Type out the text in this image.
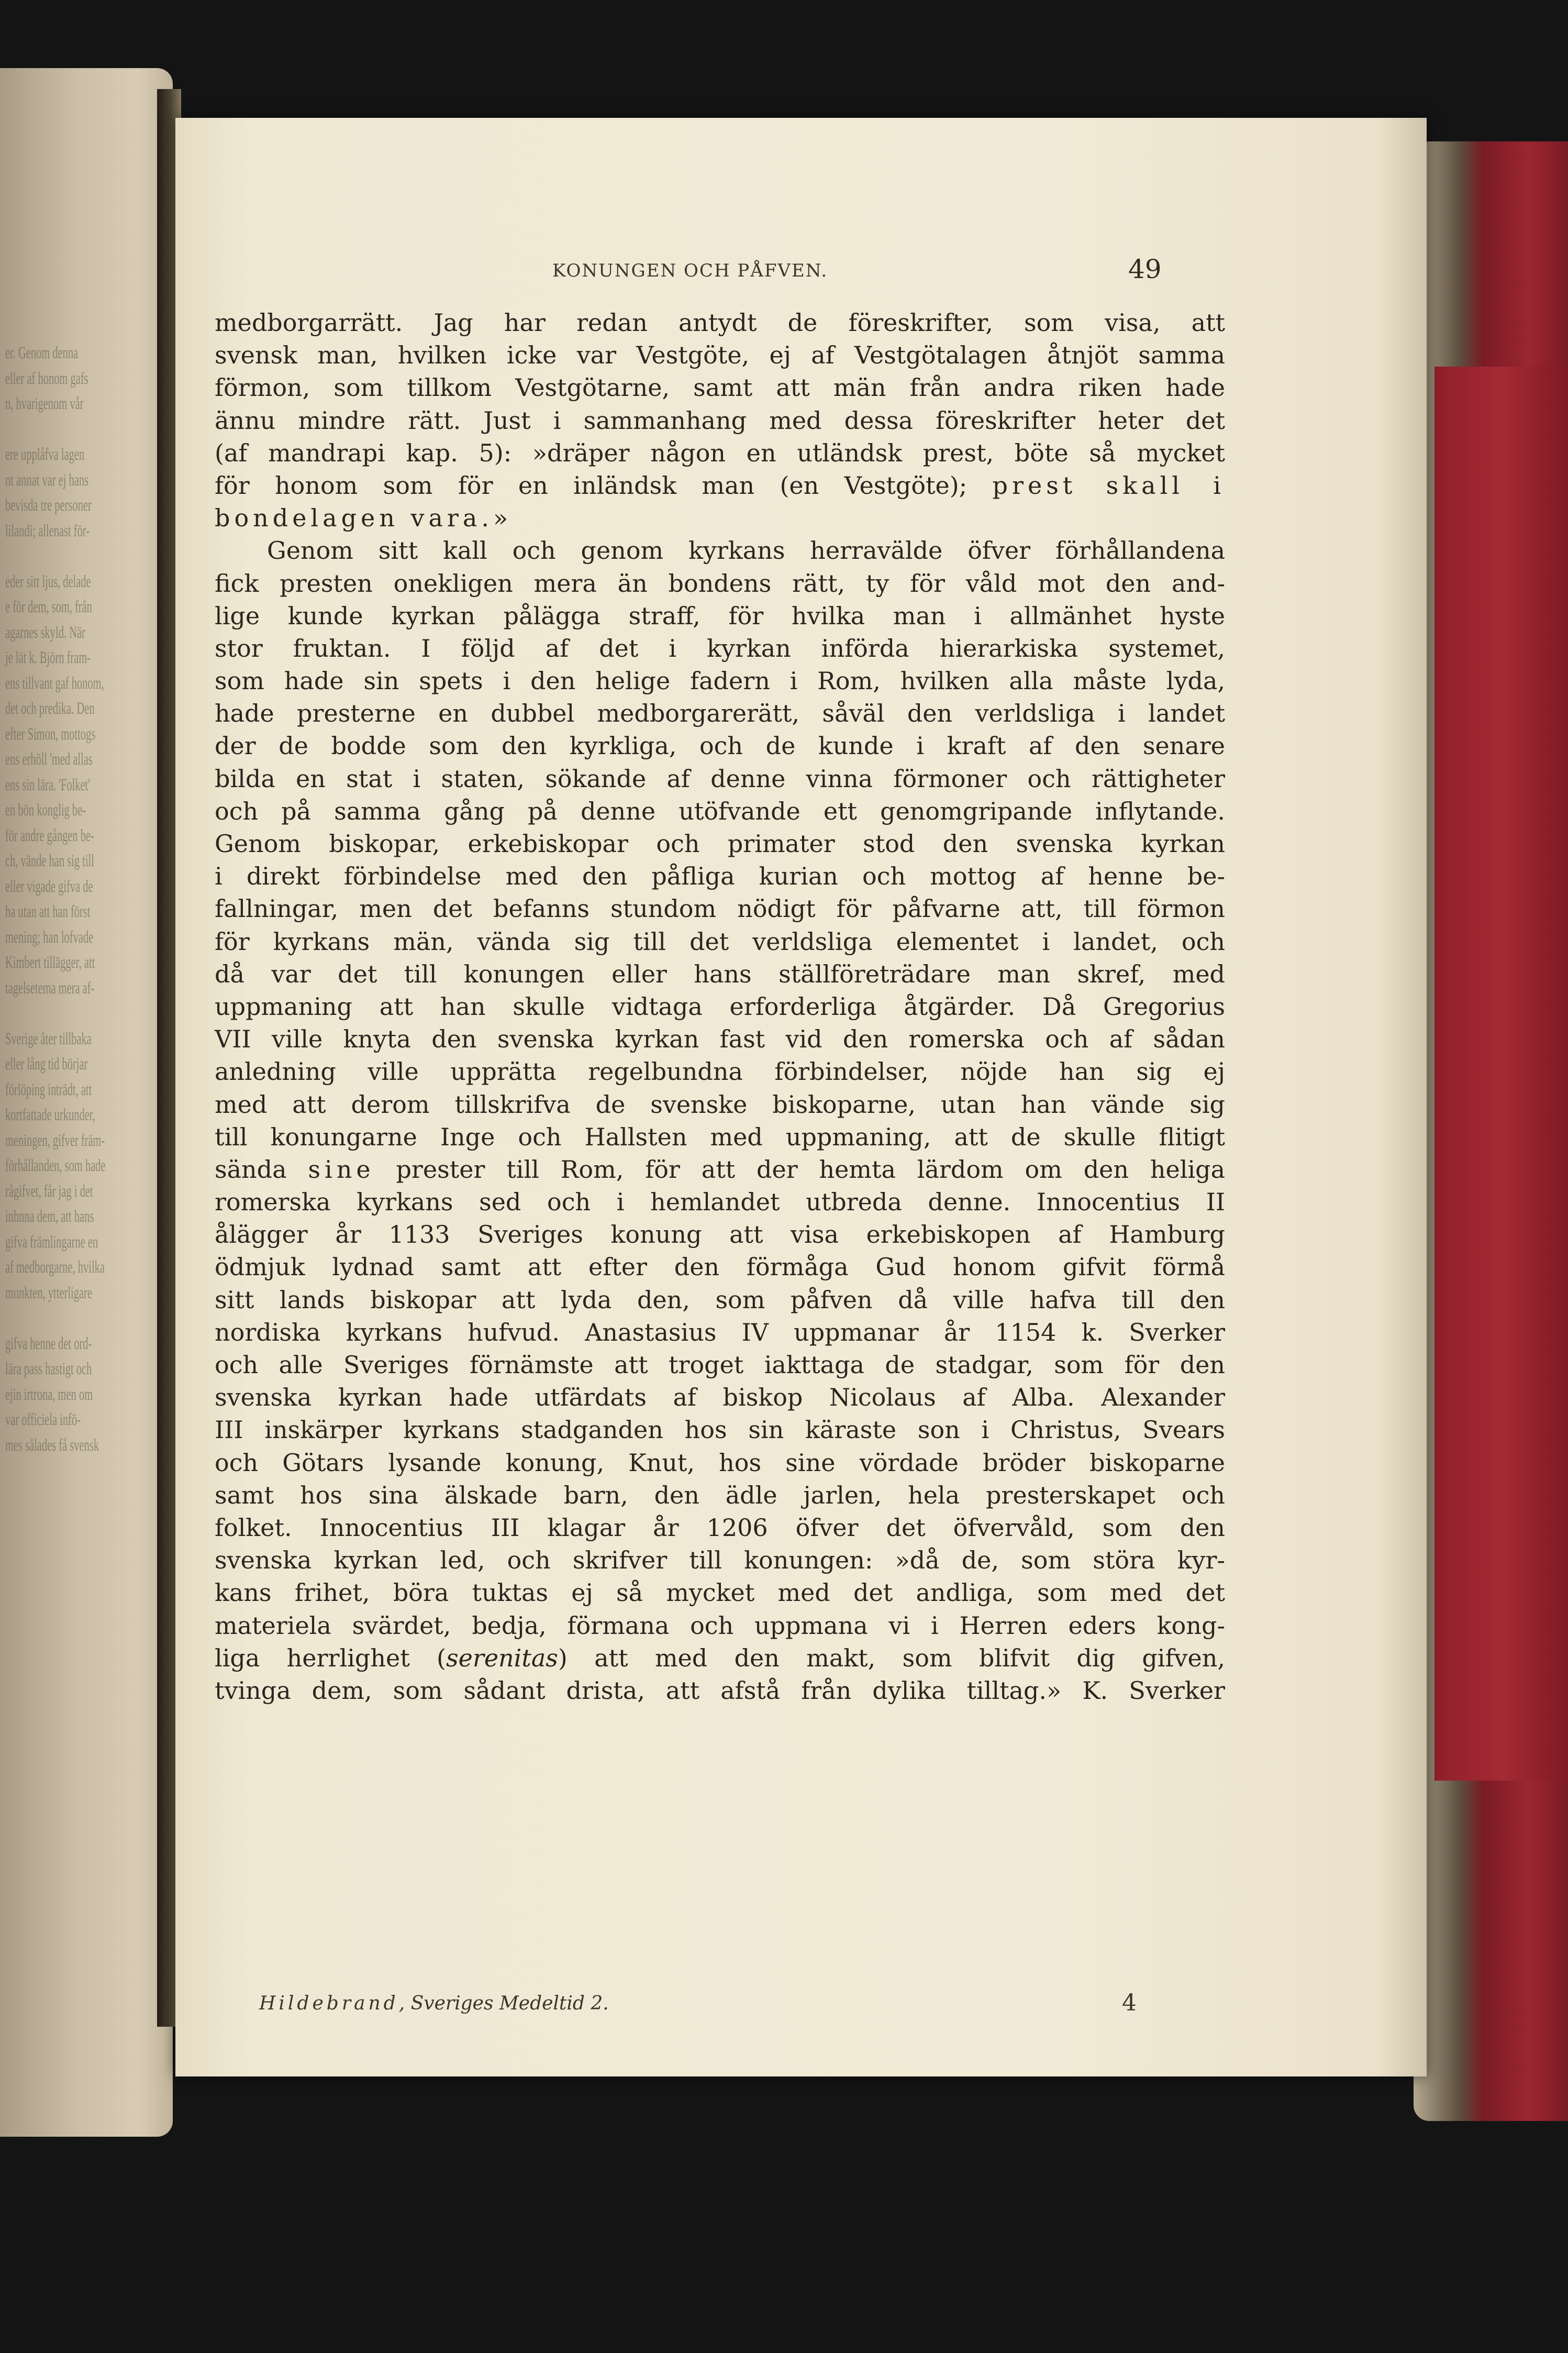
er. Genom denna
eller af honom gafs
n, hvarigenom vår

ere upplåfva lagen
nt annat var ej hans
bevisda tre personer
lilandi; allenast för-

eder sitt ljus, delade
e för dem, som, från
agarnes skyld. När
je lät k. Björn fram-
ens tillvant gaf honom,
det och predika. Den
efter Simon, mottogs
ens erhöll 'med allas
ens sin lära. 'Folket'
en bön konglig be-
för andre gången be-
ch, vände han sig till
eller vigade gifva de
ha utan att han först
mening; han lofvade
Kimbert tillägger, att
tagelsetema mera af-

Sverige åter tillbaka
eller lång tid börjar
förlöping inträdt, att
kortfattade urkunder,
meningen, gifver främ-
förhållanden, som hade
rågifvet, får jag i det
inhnna dem, att hans
gifva främlingarne en
af medborgarne, hvilka
munkten, ytterligare

gifva henne det ord-
lära pass hastigt och
ejin irtrona, men om
var officiela infö-
mes sålades få svensk
KONUNGEN OCH PÅFVEN.	49
medborgarrätt. Jag har redan antydt de föreskrifter, som visa, att
svensk man, hvilken icke var Vestgöte, ej af Vestgötalagen åtnjöt samma
förmon, som tillkom Vestgötarne, samt att män från andra riken hade
ännu mindre rätt. Just i sammanhang med dessa föreskrifter heter det
(af mandrapi kap. 5): »dräper någon en utländsk prest, böte så mycket
för honom som för en inländsk man (en Vestgöte); prest skall i
bondelagen vara.»
Genom sitt kall och genom kyrkans herravälde öfver förhållandena
fick presten onekligen mera än bondens rätt, ty för våld mot den and-
lige kunde kyrkan pålägga straff, för hvilka man i allmänhet hyste
stor fruktan. I följd af det i kyrkan införda hierarkiska systemet,
som hade sin spets i den helige fadern i Rom, hvilken alla måste lyda,
hade presterne en dubbel medborgarerätt, såväl den verldsliga i landet
der de bodde som den kyrkliga, och de kunde i kraft af den senare
bilda en stat i staten, sökande af denne vinna förmoner och rättigheter
och på samma gång på denne utöfvande ett genomgripande inflytande.
Genom biskopar, erkebiskopar och primater stod den svenska kyrkan
i direkt förbindelse med den påfliga kurian och mottog af henne be-
fallningar, men det befanns stundom nödigt för påfvarne att, till förmon
för kyrkans män, vända sig till det verldsliga elementet i landet, och
då var det till konungen eller hans ställföreträdare man skref, med
uppmaning att han skulle vidtaga erforderliga åtgärder. Då Gregorius
VII ville knyta den svenska kyrkan fast vid den romerska och af sådan
anledning ville upprätta regelbundna förbindelser, nöjde han sig ej
med att derom tillskrifva de svenske biskoparne, utan han vände sig
till konungarne Inge och Hallsten med uppmaning, att de skulle flitigt
sända sine prester till Rom, för att der hemta lärdom om den heliga
romerska kyrkans sed och i hemlandet utbreda denne. Innocentius II
ålägger år 1133 Sveriges konung att visa erkebiskopen af Hamburg
ödmjuk lydnad samt att efter den förmåga Gud honom gifvit förmå
sitt lands biskopar att lyda den, som påfven då ville hafva till den
nordiska kyrkans hufvud. Anastasius IV uppmanar år 1154 k. Sverker
och alle Sveriges förnämste att troget iakttaga de stadgar, som för den
svenska kyrkan hade utfärdats af biskop Nicolaus af Alba. Alexander
III inskärper kyrkans stadganden hos sin käraste son i Christus, Svears
och Götars lysande konung, Knut, hos sine vördade bröder biskoparne
samt hos sina älskade barn, den ädle jarlen, hela presterskapet och
folket. Innocentius III klagar år 1206 öfver det öfvervåld, som den
svenska kyrkan led, och skrifver till konungen: »då de, som störa kyr-
kans frihet, böra tuktas ej så mycket med det andliga, som med det
materiela svärdet, bedja, förmana och uppmana vi i Herren eders kong-
liga herrlighet (serenitas) att med den makt, som blifvit dig gifven,
tvinga dem, som sådant drista, att afstå från dylika tilltag.» K. Sverker
Hildebrand, Sveriges Medeltid 2.	4
